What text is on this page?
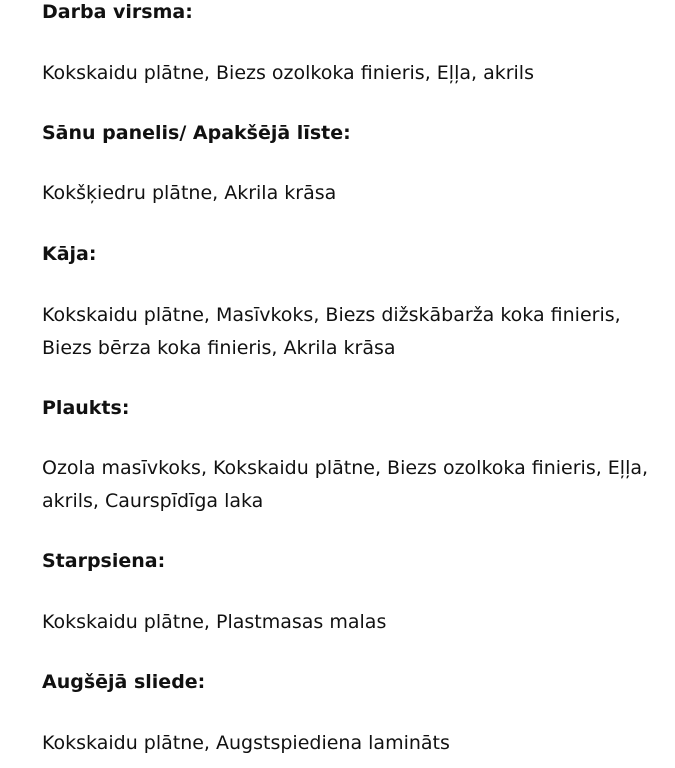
Darba virsma:

Kokskaidu plātne, Biezs ozolkoka finieris, Eļļa, akrils

Sānu panelis/ Apakšējā līste:

Kokšķiedru plātne, Akrila krāsa

Kāja:

Kokskaidu plātne, Masīvkoks, Biezs dižskābarža koka finieris, Biezs bērza koka finieris, Akrila krāsa

Plaukts:

Ozola masīvkoks, Kokskaidu plātne, Biezs ozolkoka finieris, Eļļa, akrils, Caurspīdīga laka

Starpsiena:

Kokskaidu plātne, Plastmasas malas

Augšējā sliede:

Kokskaidu plātne, Augstspiediena lamināts
